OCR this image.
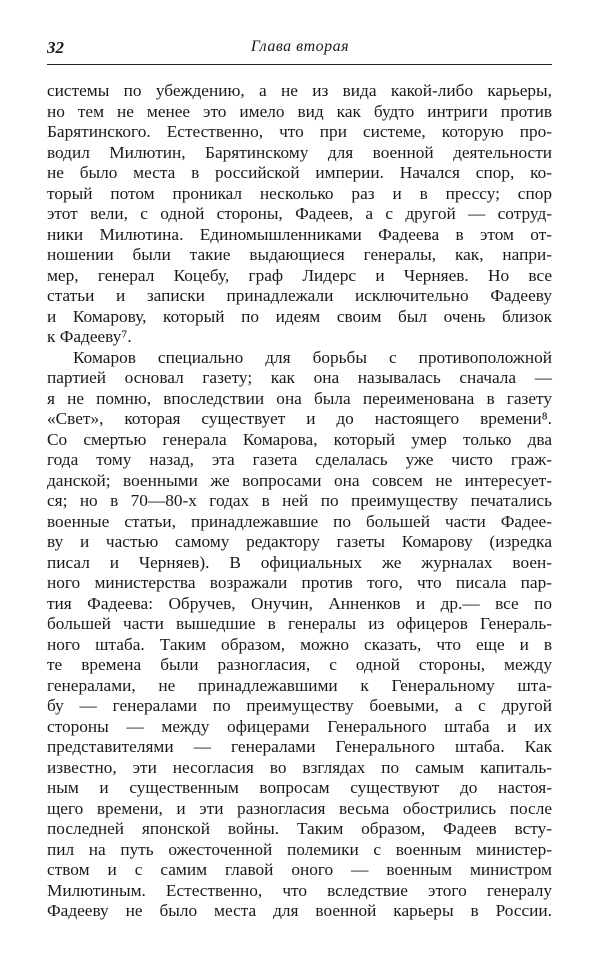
32	Глава вторая
системы по убеждению, а не из вида какой-либо карьеры,
но тем не менее это имело вид как будто интриги против
Барятинского. Естественно, что при системе, которую про-
водил Милютин, Барятинскому для военной деятельности
не было места в российской империи. Начался спор, ко-
торый потом проникал несколько раз и в прессу; спор
этот вели, с одной стороны, Фадеев, а с другой — сотруд-
ники Милютина. Единомышленниками Фадеева в этом от-
ношении были такие выдающиеся генералы, как, напри-
мер, генерал Коцебу, граф Лидерс и Черняев. Но все
статьи и записки принадлежали исключительно Фадееву
и Комарову, который по идеям своим был очень близок
к Фадееву⁷.
Комаров специально для борьбы с противоположной
партией основал газету; как она называлась сначала —
я не помню, впоследствии она была переименована в газету
«Свет», которая существует и до настоящего времени⁸.
Со смертью генерала Комарова, который умер только два
года тому назад, эта газета сделалась уже чисто граж-
данской; военными же вопросами она совсем не интересует-
ся; но в 70—80-х годах в ней по преимуществу печатались
военные статьи, принадлежавшие по большей части Фадее-
ву и частью самому редактору газеты Комарову (изредка
писал и Черняев). В официальных же журналах воен-
ного министерства возражали против того, что писала пар-
тия Фадеева: Обручев, Онучин, Анненков и др.— все по
большей части вышедшие в генералы из офицеров Генераль-
ного штаба. Таким образом, можно сказать, что еще и в
те времена были разногласия, с одной стороны, между
генералами, не принадлежавшими к Генеральному шта-
бу — генералами по преимуществу боевыми, а с другой
стороны — между офицерами Генерального штаба и их
представителями — генералами Генерального штаба. Как
известно, эти несогласия во взглядах по самым капиталь-
ным и существенным вопросам существуют до настоя-
щего времени, и эти разногласия весьма обострились после
последней японской войны. Таким образом, Фадеев всту-
пил на путь ожесточенной полемики с военным министер-
ством и с самим главой оного — военным министром
Милютиным. Естественно, что вследствие этого генералу
Фадееву не было места для военной карьеры в России.
